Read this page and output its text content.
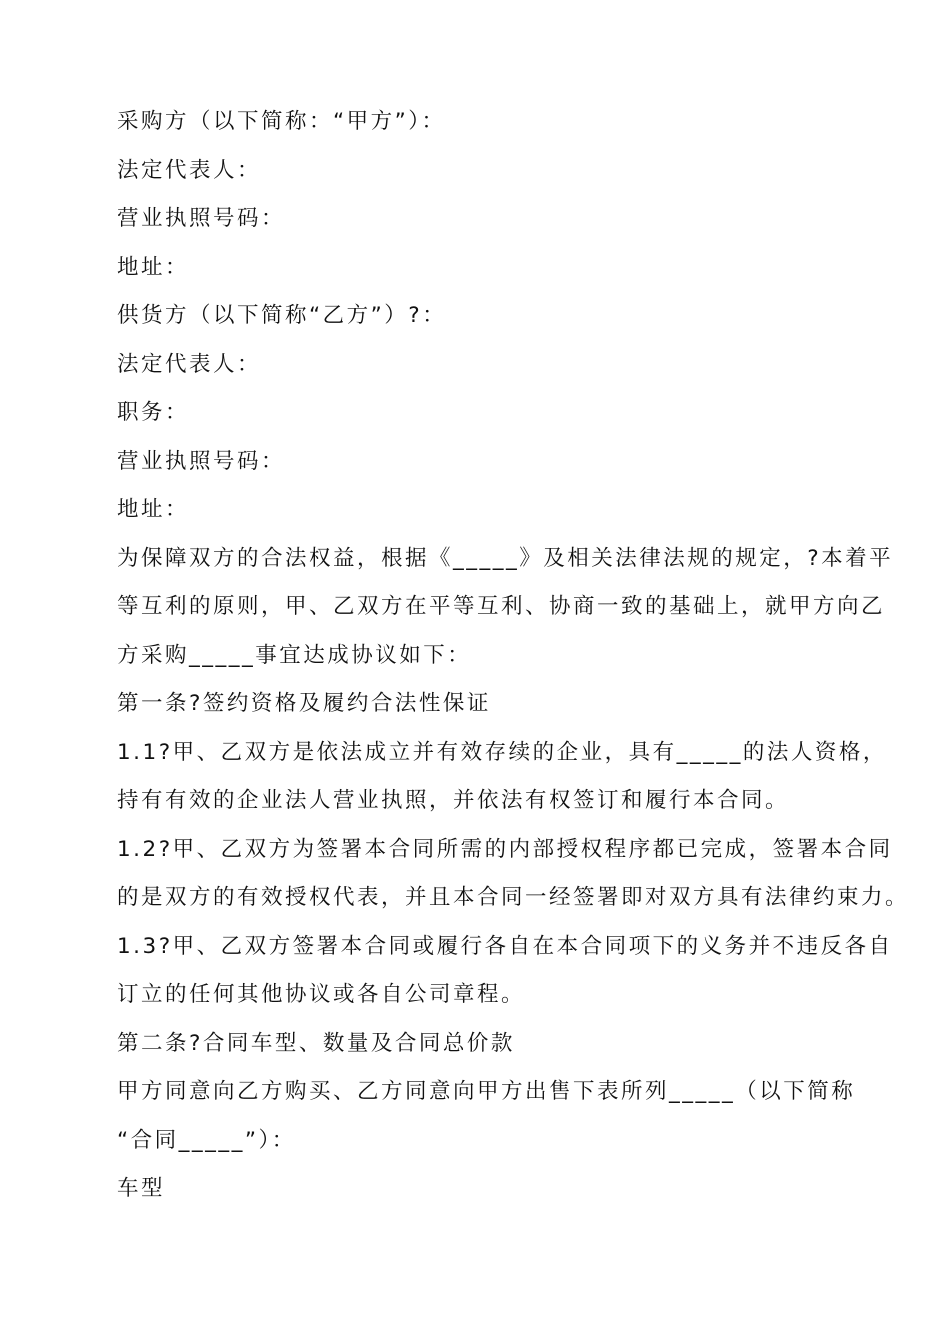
采购方（以下简称：“甲方”）：
法定代表人：
营业执照号码：
地址：
供货方（以下简称“乙方”）?：
法定代表人：
职务：
营业执照号码：
地址：
为保障双方的合法权益，根据《_____》及相关法律法规的规定，?本着平
等互利的原则，甲、乙双方在平等互利、协商一致的基础上，就甲方向乙
方采购_____事宜达成协议如下：
第一条?签约资格及履约合法性保证
1.1?甲、乙双方是依法成立并有效存续的企业，具有_____的法人资格，
持有有效的企业法人营业执照，并依法有权签订和履行本合同。
1.2?甲、乙双方为签署本合同所需的内部授权程序都已完成，签署本合同
的是双方的有效授权代表，并且本合同一经签署即对双方具有法律约束力。
1.3?甲、乙双方签署本合同或履行各自在本合同项下的义务并不违反各自
订立的任何其他协议或各自公司章程。
第二条?合同车型、数量及合同总价款
甲方同意向乙方购买、乙方同意向甲方出售下表所列_____（以下简称
“合同_____”）：
车型
